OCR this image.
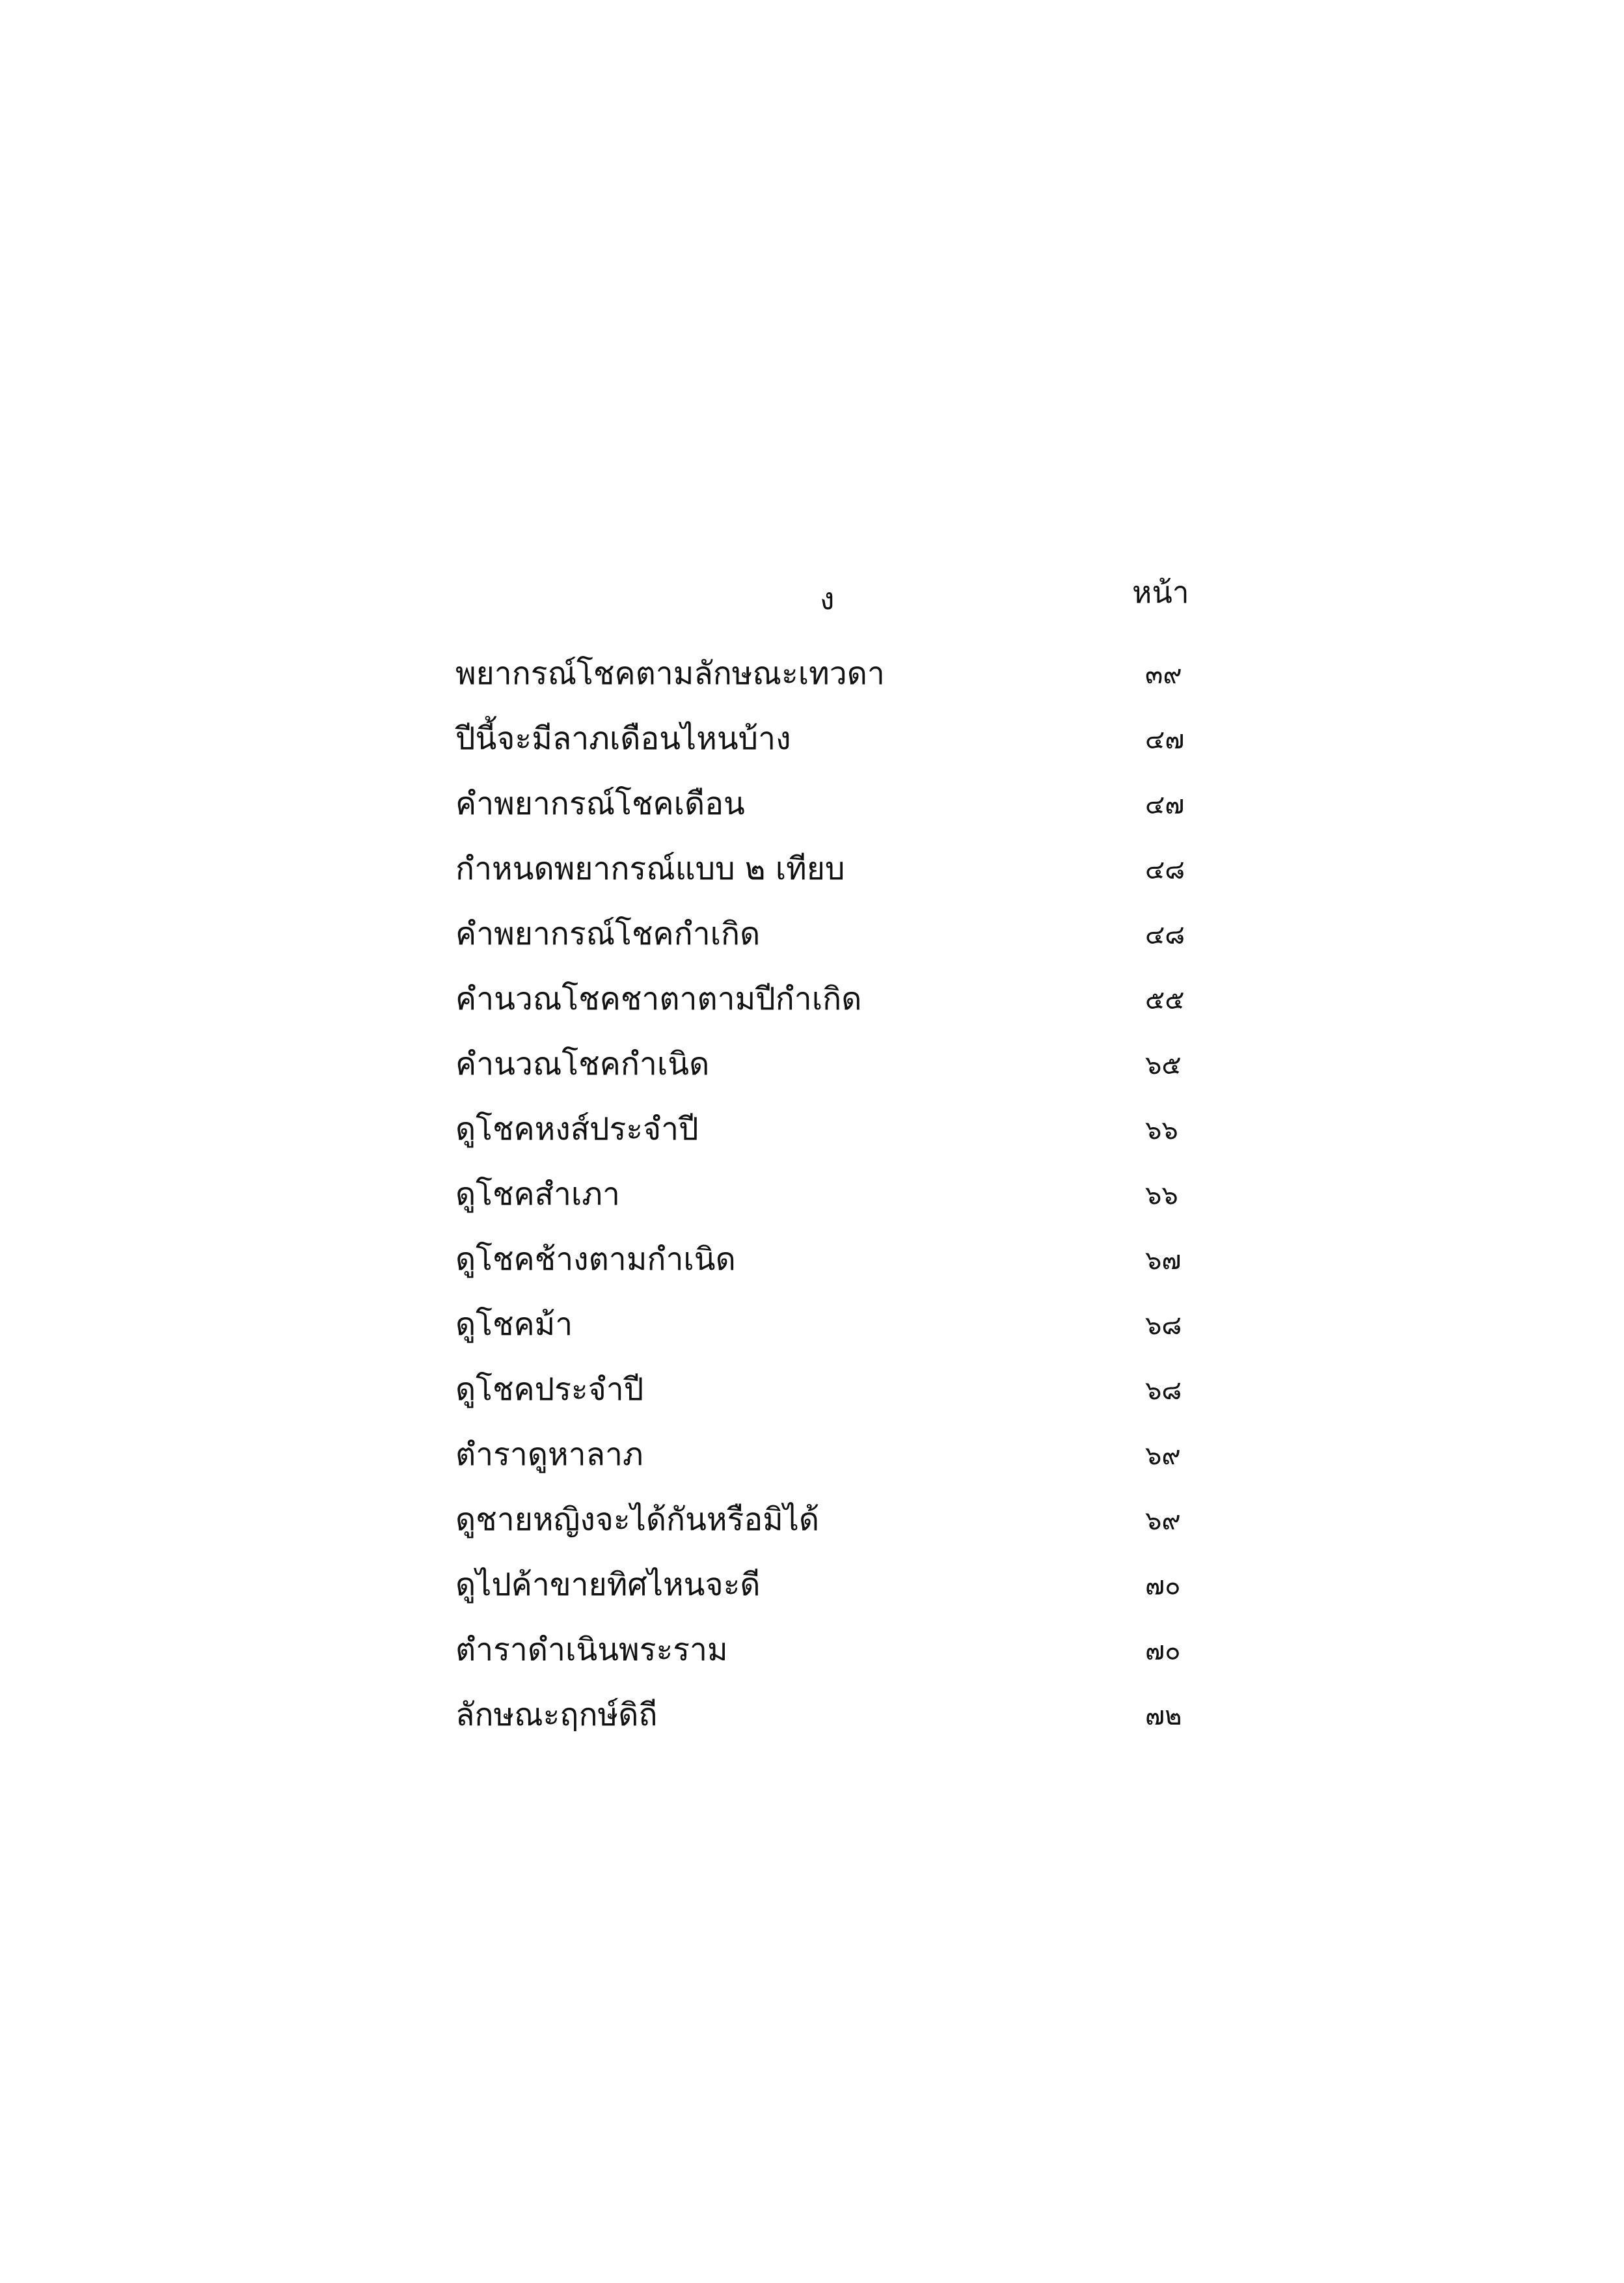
ง	หน้า
พยากรณ์โชคตามลักษณะเทวดา	๓๙
ปีนี้จะมีลาภเดือนไหนบ้าง	๔๗
คำพยากรณ์โชคเดือน	๔๗
กำหนดพยากรณ์แบบ ๒ เทียบ	๔๘
คำพยากรณ์โชคกำเกิด	๔๘
คำนวณโชคชาตาตามปีกำเกิด	๕๕
คำนวณโชคกำเนิด	๖๕
ดูโชคหงส์ประจำปี	๖๖
ดูโชคสำเภา	๖๖
ดูโชคช้างตามกำเนิด	๖๗
ดูโชคม้า	๖๘
ดูโชคประจำปี	๖๘
ตำราดูหาลาภ	๖๙
ดูชายหญิงจะได้กันหรือมิได้	๖๙
ดูไปค้าขายทิศไหนจะดี	๗๐
ตำราดำเนินพระราม	๗๐
ลักษณะฤกษ์ดิถี	๗๒
